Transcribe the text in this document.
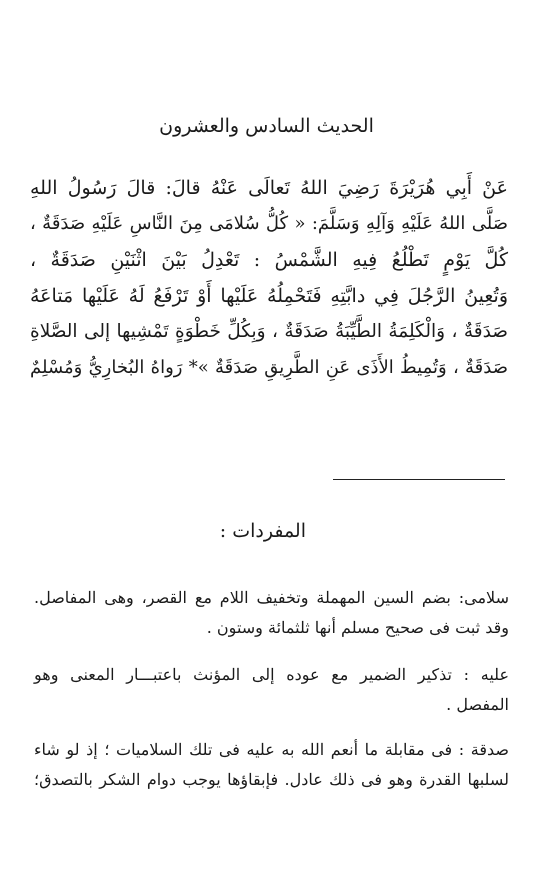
الحديث السادس والعشرون
عَنْ أَبِي هُرَيْرَةَ رَضِيَ اللهُ تَعالَى عَنْهُ قالَ: قالَ رَسُولُ اللهِ
صَلَّى اللهُ عَلَيْهِ وَآلِهِ وَسَلَّمَ: « كُلُّ سُلامَى مِنَ النَّاسِ عَلَيْهِ صَدَقَةٌ ،
كُلَّ يَوْمٍ تَطْلُعُ فِيهِ الشَّمْسُ : تَعْدِلُ بَيْنَ اثْنَيْنِ صَدَقَةٌ ،
وَتُعِينُ الرَّجُلَ فِي دابَّتِهِ فَتَحْمِلُهُ عَلَيْها أَوْ تَرْفَعُ لَهُ عَلَيْها مَتاعَهُ
صَدَقَةٌ ، وَالْكَلِمَةُ الطَّيِّبَةُ صَدَقَةٌ ، وَبِكُلِّ خَطْوَةٍ تَمْشِيها إلى الصَّلاةِ
صَدَقَةٌ ، وَتُمِيطُ الأَذَى عَنِ الطَّرِيقِ صَدَقَةٌ »* رَواهُ البُخارِيُّ وَمُسْلِمٌ
المفردات :
سلامى: بضم السين المهملة وتخفيف اللام مع القصر، وهى المفاصل.
وقد ثبت فى صحيح مسلم أنها ثلثمائة وستون .
عليه : تذكير الضمير مع عوده إلى المؤنث باعتبـــار المعنى وهو
المفصل .
صدقة : فى مقابلة ما أنعم الله به عليه فى تلك السلاميات ؛ إذ لو شاء
لسلبها القدرة وهو فى ذلك عادل. فإبقاؤها يوجب دوام الشكر بالتصدق؛
